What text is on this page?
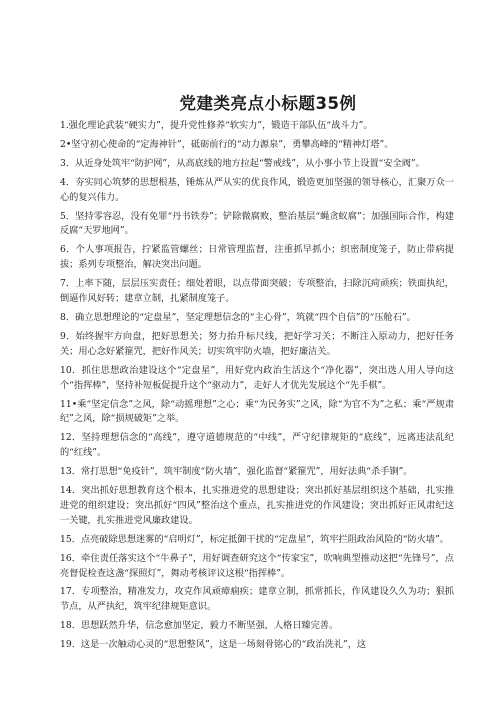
党建类亮点小标题35例

1.强化理论武装“硬实力”，提升党性修养“软实力”，锻造干部队伍“战斗力”。

2•坚守初心使命的“定海神针”，砥砺前行的“动力源泉”，勇攀高峰的“精神灯塔”。

3．从近身处筑牢“防护网”，从高底线的地方拉起“警戒线”，从小事小节上设置“安全阀”。

4．夯实同心筑梦的思想根基，锤炼从严从实的优良作风，锻造更加坚强的领导核心，汇聚万众一心的复兴伟力。

5．坚持零容忍，没有免罪“丹书铁券”；铲除微腐败，整治基层“蝇贪蚁腐”；加强国际合作，构建反腐“天罗地网”。

6．个人事项报告，拧紧监管螺丝；日常管理监督，注重抓早抓小；织密制度笼子，防止带病提拔；系列专项整治，解决突出问题。

7．上率下随，层层压实责任；细处着眼，以点带面突破；专项整治，扫除沉疴顽疾；铁面执纪，倒逼作风好转；建章立制，扎紧制度笼子。

8．确立思想理论的“定盘星”，坚定理想信念的“主心骨”，筑就“四个自信”的“压舱石”。

9．始终握牢方向盘，把好思想关；努力抬升标尺线，把好学习关；不断注入原动力，把好任务关；用心念好紧箍咒，把好作风关；切实筑牢防火墙，把好廉洁关。

10．抓住思想政治建设这个“定盘星”，用好党内政治生活这个“净化器”，突出选人用人导向这个“指挥棒”，坚持补短板促提升这个“驱动力”，走好人才优先发展这个“先手棋”。

11•乘“坚定信念”之风，除“动摇理想”之心；乘“为民务实”之风，除“为官不为”之私；乘“严规肃纪”之风，除“损规破矩”之举。

12．坚持理想信念的“高线”，遵守道德规范的“中线”，严守纪律规矩的“底线”，远离违法乱纪的“红线”。

13．常打思想“免疫针”，筑牢制度“防火墙”，强化监督“紧箍咒”，用好法典“杀手锏”。

14．突出抓好思想教育这个根本，扎实推进党的思想建设；突出抓好基层组织这个基础，扎实推进党的组织建设；突出抓好“四风”整治这个重点，扎实推进党的作风建设；突出抓好正风肃纪这一关键，扎实推进党风廉政建设。

15．点亮破除思想迷雾的“启明灯”，标定抵御干扰的“定盘星”，筑牢拦阻政治风险的“防火墙”。

16．牵住责任落实这个“牛鼻子”，用好调查研究这个“传家宝”，吹响典型推动这把“先锋号”，点亮督促检查这盏“探照灯”，舞动考核评议这根“指挥棒”。

17．专项整治，精准发力，攻克作风顽瘴痼疾；建章立制，抓常抓长，作风建设久久为功；狠抓节点，从严执纪，筑牢纪律规矩意识。

18．思想跃然升华，信念愈加坚定，毅力不断坚强，人格日臻完善。

19．这是一次触动心灵的“思想整风”，这是一场刻骨铭心的“政治洗礼”，这
